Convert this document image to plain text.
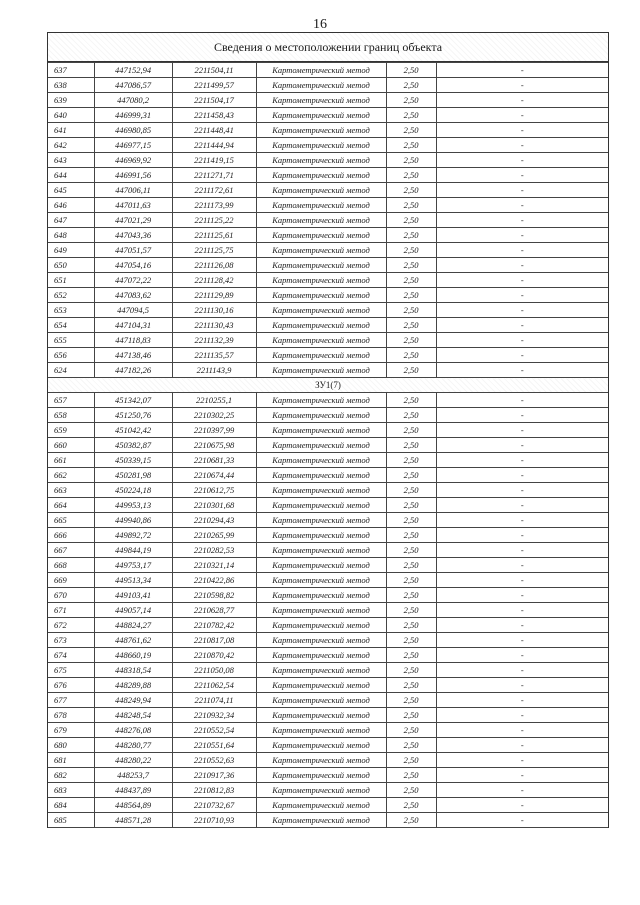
16
Сведения о местоположении границ объекта
637	447152,94	2211504,11	Картометрический метод	2,50	-
638	447086,57	2211499,57	Картометрический метод	2,50	-
639	447080,2	2211504,17	Картометрический метод	2,50	-
640	446999,31	2211458,43	Картометрический метод	2,50	-
641	446980,85	2211448,41	Картометрический метод	2,50	-
642	446977,15	2211444,94	Картометрический метод	2,50	-
643	446969,92	2211419,15	Картометрический метод	2,50	-
644	446991,56	2211271,71	Картометрический метод	2,50	-
645	447006,11	2211172,61	Картометрический метод	2,50	-
646	447011,63	2211173,99	Картометрический метод	2,50	-
647	447021,29	2211125,22	Картометрический метод	2,50	-
648	447043,36	2211125,61	Картометрический метод	2,50	-
649	447051,57	2211125,75	Картометрический метод	2,50	-
650	447054,16	2211126,08	Картометрический метод	2,50	-
651	447072,22	2211128,42	Картометрический метод	2,50	-
652	447083,62	2211129,89	Картометрический метод	2,50	-
653	447094,5	2211130,16	Картометрический метод	2,50	-
654	447104,31	2211130,43	Картометрический метод	2,50	-
655	447118,83	2211132,39	Картометрический метод	2,50	-
656	447138,46	2211135,57	Картометрический метод	2,50	-
624	447182,26	2211143,9	Картометрический метод	2,50	-
ЗУ1(7)					
657	451342,07	2210255,1	Картометрический метод	2,50	-
658	451250,76	2210302,25	Картометрический метод	2,50	-
659	451042,42	2210397,99	Картометрический метод	2,50	-
660	450382,87	2210675,98	Картометрический метод	2,50	-
661	450339,15	2210681,33	Картометрический метод	2,50	-
662	450281,98	2210674,44	Картометрический метод	2,50	-
663	450224,18	2210612,75	Картометрический метод	2,50	-
664	449953,13	2210301,68	Картометрический метод	2,50	-
665	449940,86	2210294,43	Картометрический метод	2,50	-
666	449892,72	2210265,99	Картометрический метод	2,50	-
667	449844,19	2210282,53	Картометрический метод	2,50	-
668	449753,17	2210321,14	Картометрический метод	2,50	-
669	449513,34	2210422,86	Картометрический метод	2,50	-
670	449103,41	2210598,82	Картометрический метод	2,50	-
671	449057,14	2210628,77	Картометрический метод	2,50	-
672	448824,27	2210782,42	Картометрический метод	2,50	-
673	448761,62	2210817,08	Картометрический метод	2,50	-
674	448660,19	2210870,42	Картометрический метод	2,50	-
675	448318,54	2211050,08	Картометрический метод	2,50	-
676	448289,88	2211062,54	Картометрический метод	2,50	-
677	448249,94	2211074,11	Картометрический метод	2,50	-
678	448248,54	2210932,34	Картометрический метод	2,50	-
679	448276,08	2210552,54	Картометрический метод	2,50	-
680	448280,77	2210551,64	Картометрический метод	2,50	-
681	448280,22	2210552,63	Картометрический метод	2,50	-
682	448253,7	2210917,36	Картометрический метод	2,50	-
683	448437,89	2210812,83	Картометрический метод	2,50	-
684	448564,89	2210732,67	Картометрический метод	2,50	-
685	448571,28	2210710,93	Картометрический метод	2,50	-
